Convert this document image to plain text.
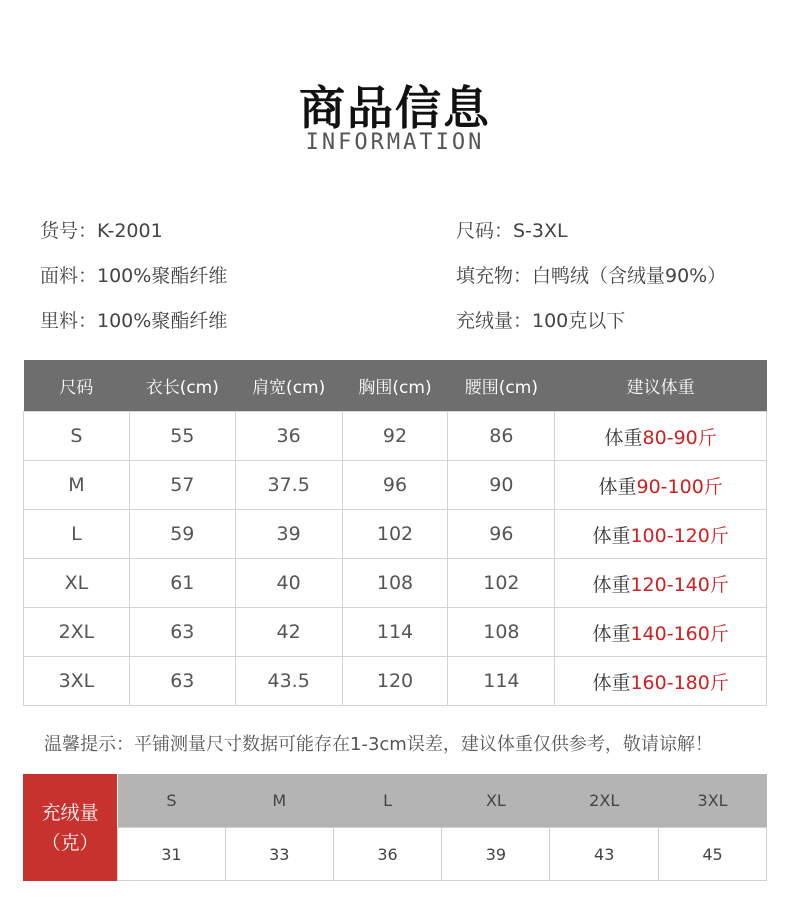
商品信息
INFORMATION
货号：K-2001	尺码：S-3XL
面料：100%聚酯纤维	填充物：白鸭绒（含绒量90%）
里料：100%聚酯纤维	充绒量：100克以下
尺码	衣长(cm)	肩宽(cm)	胸围(cm)	腰围(cm)	建议体重
S	55	36	92	86	体重80-90斤
M	57	37.5	96	90	体重90-100斤
L	59	39	102	96	体重100-120斤
XL	61	40	108	102	体重120-140斤
2XL	63	42	114	108	体重140-160斤
3XL	63	43.5	120	114	体重160-180斤
温馨提示：平铺测量尺寸数据可能存在1-3cm误差，建议体重仅供参考，敬请谅解！
充绒量
（克）
S	M	L	XL	2XL	3XL
31	33	36	39	43	45
